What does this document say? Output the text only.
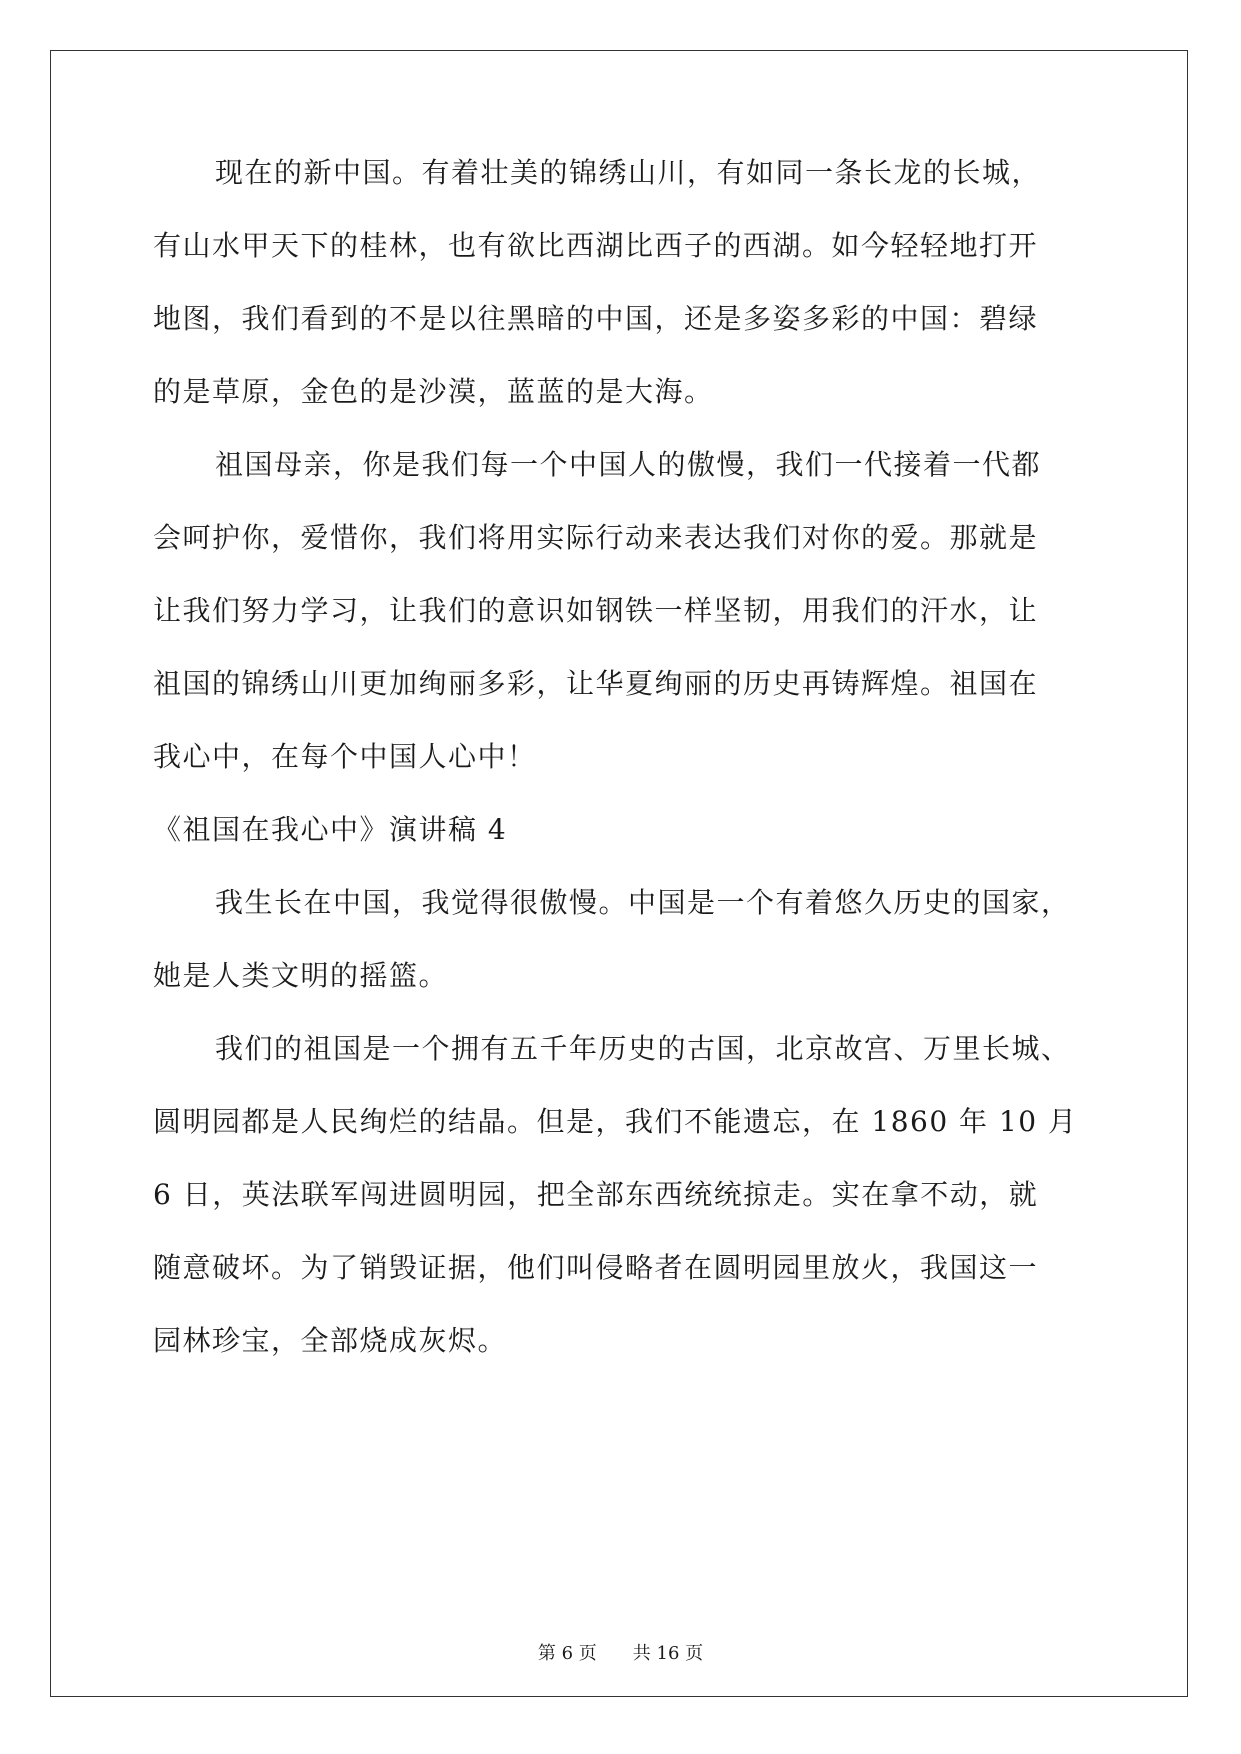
现在的新中国。有着壮美的锦绣山川，有如同一条长龙的长城，
有山水甲天下的桂林，也有欲比西湖比西子的西湖。如今轻轻地打开
地图，我们看到的不是以往黑暗的中国，还是多姿多彩的中国：碧绿
的是草原，金色的是沙漠，蓝蓝的是大海。
祖国母亲，你是我们每一个中国人的傲慢，我们一代接着一代都
会呵护你，爱惜你，我们将用实际行动来表达我们对你的爱。那就是
让我们努力学习，让我们的意识如钢铁一样坚韧，用我们的汗水，让
祖国的锦绣山川更加绚丽多彩，让华夏绚丽的历史再铸辉煌。祖国在
我心中，在每个中国人心中！
《祖国在我心中》演讲稿 4
我生长在中国，我觉得很傲慢。中国是一个有着悠久历史的国家，
她是人类文明的摇篮。
我们的祖国是一个拥有五千年历史的古国，北京故宫、万里长城、
圆明园都是人民绚烂的结晶。但是，我们不能遗忘，在 1860 年 10 月
6 日，英法联军闯进圆明园，把全部东西统统掠走。实在拿不动，就
随意破坏。为了销毁证据，他们叫侵略者在圆明园里放火，我国这一
园林珍宝，全部烧成灰烬。
第 6 页 共 16 页
